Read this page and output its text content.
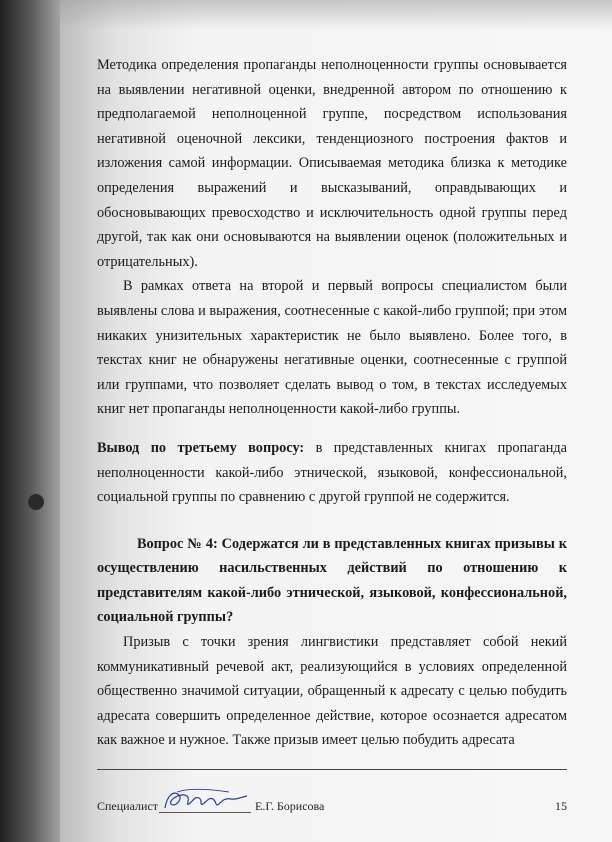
Методика определения пропаганды неполноценности группы основывается на выявлении негативной оценки, внедренной автором по отношению к предполагаемой неполноценной группе, посредством использования негативной оценочной лексики, тенденциозного построения фактов и изложения самой информации. Описываемая методика близка к методике определения выражений и высказываний, оправдывающих и обосновывающих превосходство и исключительность одной группы перед другой, так как они основываются на выявлении оценок (положительных и отрицательных).

В рамках ответа на второй и первый вопросы специалистом были выявлены слова и выражения, соотнесенные с какой-либо группой; при этом никаких унизительных характеристик не было выявлено. Более того, в текстах книг не обнаружены негативные оценки, соотнесенные с группой или группами, что позволяет сделать вывод о том, в текстах исследуемых книг нет пропаганды неполноценности какой-либо группы.

Вывод по третьему вопросу: в представленных книгах пропаганда неполноценности какой-либо этнической, языковой, конфессиональной, социальной группы по сравнению с другой группой не содержится.

Вопрос № 4: Содержатся ли в представленных книгах призывы к осуществлению насильственных действий по отношению к представителям какой-либо этнической, языковой, конфессиональной, социальной группы?

Призыв с точки зрения лингвистики представляет собой некий коммуникативный речевой акт, реализующийся в условиях определенной общественно значимой ситуации, обращенный к адресату с целью побудить адресата совершить определенное действие, которое осознается адресатом как важное и нужное. Также призыв имеет целью побудить адресата

Специалист	Е.Г. Борисова	15
